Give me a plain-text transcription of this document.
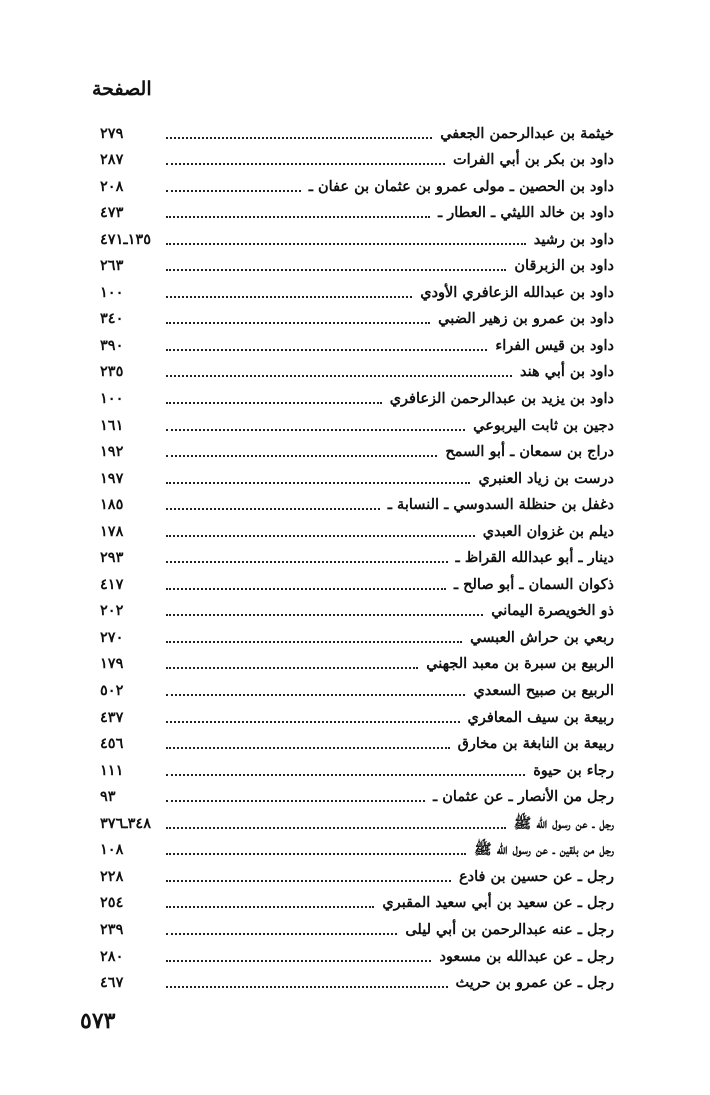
الصفحة
خيثمة بن عبدالرحمن الجعفي
٢٧٩
داود بن بكر بن أبي الفرات
٢٨٧
داود بن الحصين ـ مولى عمرو بن عثمان بن عفان ـ
٢٠٨
داود بن خالد الليثي ـ العطار ـ
٤٧٣
داود بن رشيد
١٣٥ـ٤٧١
داود بن الزبرقان
٢٦٣
داود بن عبدالله الزعافري الأودي
١٠٠
داود بن عمرو بن زهير الضبي
٣٤٠
داود بن قيس الفراء
٣٩٠
داود بن أبي هند
٢٣٥
داود بن يزيد بن عبدالرحمن الزعافري
١٠٠
دجين بن ثابت اليربوعي
١٦١
دراج بن سمعان ـ أبو السمح
١٩٢
درست بن زياد العنبري
١٩٧
دغفل بن حنظلة السدوسي ـ النسابة ـ
١٨٥
ديلم بن غزوان العبدي
١٧٨
دينار ـ أبو عبدالله القراظ ـ
٢٩٣
ذكوان السمان ـ أبو صالح ـ
٤١٧
ذو الخويصرة اليماني
٢٠٢
ربعي بن حراش العبسي
٢٧٠
الربيع بن سبرة بن معبد الجهني
١٧٩
الربيع بن صبيح السعدي
٥٠٢
ربيعة بن سيف المعافري
٤٣٧
ربيعة بن النابغة بن مخارق
٤٥٦
رجاء بن حيوة
١١١
رجل من الأنصار ـ عن عثمان ـ
٩٣
رجل ـ عن رسول الله ﷺ
٣٤٨ـ٣٧٦
رجل من بلقين ـ عن رسول الله ﷺ
١٠٨
رجل ـ عن حسين بن فادع
٢٢٨
رجل ـ عن سعيد بن أبي سعيد المقبري
٢٥٤
رجل ـ عنه عبدالرحمن بن أبي ليلى
٢٣٩
رجل ـ عن عبدالله بن مسعود
٢٨٠
رجل ـ عن عمرو بن حريث
٤٦٧
٥٧٣
